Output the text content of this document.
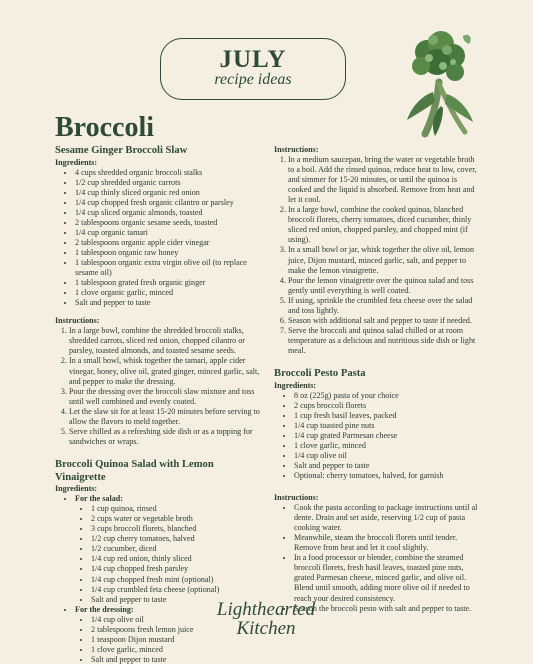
JULY
recipe ideas
Broccoli
Sesame Ginger Broccoli Slaw
Ingredients:
• 4 cups shredded organic broccoli stalks
• 1/2 cup shredded organic carrots
• 1/4 cup thinly sliced organic red onion
• 1/4 cup chopped fresh organic cilantro or parsley
• 1/4 cup sliced organic almonds, toasted
• 2 tablespoons organic sesame seeds, toasted
• 1/4 cup organic tamari
• 2 tablespoons organic apple cider vinegar
• 1 tablespoon organic raw honey
• 1 tablespoon organic extra virgin olive oil (to replace sesame oil)
• 1 tablespoon grated fresh organic ginger
• 1 clove organic garlic, minced
• Salt and pepper to taste
Instructions:
1. In a large bowl, combine the shredded broccoli stalks, shredded carrots, sliced red onion, chopped cilantro or parsley, toasted almonds, and toasted sesame seeds.
2. In a small bowl, whisk together the tamari, apple cider vinegar, honey, olive oil, grated ginger, minced garlic, salt, and pepper to make the dressing.
3. Pour the dressing over the broccoli slaw mixture and toss until well combined and evenly coated.
4. Let the slaw sit for at least 15-20 minutes before serving to allow the flavors to meld together.
5. Serve chilled as a refreshing side dish or as a topping for sandwiches or wraps.
Broccoli Quinoa Salad with Lemon Vinaigrette
Ingredients:
• For the salad:
• 1 cup quinoa, rinsed
• 2 cups water or vegetable broth
• 3 cups broccoli florets, blanched
• 1/2 cup cherry tomatoes, halved
• 1/2 cucumber, diced
• 1/4 cup red onion, thinly sliced
• 1/4 cup chopped fresh parsley
• 1/4 cup chopped fresh mint (optional)
• 1/4 cup crumbled feta cheese (optional)
• Salt and pepper to taste
• For the dressing:
• 1/4 cup olive oil
• 2 tablespoons fresh lemon juice
• 1 teaspoon Dijon mustard
• 1 clove garlic, minced
• Salt and pepper to taste
Instructions:
1. In a medium saucepan, bring the water or vegetable broth to a boil. Add the rinsed quinoa, reduce heat to low, cover, and simmer for 15-20 minutes, or until the quinoa is cooked and the liquid is absorbed. Remove from heat and let it cool.
2. In a large bowl, combine the cooked quinoa, blanched broccoli florets, cherry tomatoes, diced cucumber, thinly sliced red onion, chopped parsley, and chopped mint (if using).
3. In a small bowl or jar, whisk together the olive oil, lemon juice, Dijon mustard, minced garlic, salt, and pepper to make the lemon vinaigrette.
4. Pour the lemon vinaigrette over the quinoa salad and toss gently until everything is well coated.
5. If using, sprinkle the crumbled feta cheese over the salad and toss lightly.
6. Season with additional salt and pepper to taste if needed.
7. Serve the broccoli and quinoa salad chilled or at room temperature as a delicious and nutritious side dish or light meal.
Broccoli Pesto Pasta
Ingredients:
• 8 oz (225g) pasta of your choice
• 2 cups broccoli florets
• 1 cup fresh basil leaves, packed
• 1/4 cup toasted pine nuts
• 1/4 cup grated Parmesan cheese
• 1 clove garlic, minced
• 1/4 cup olive oil
• Salt and pepper to taste
• Optional: cherry tomatoes, halved, for garnish
Instructions:
• Cook the pasta according to package instructions until al dente. Drain and set aside, reserving 1/2 cup of pasta cooking water.
• Meanwhile, steam the broccoli florets until tender. Remove from heat and let it cool slightly.
• In a food processor or blender, combine the steamed broccoli florets, fresh basil leaves, toasted pine nuts, grated Parmesan cheese, minced garlic, and olive oil. Blend until smooth, adding more olive oil if needed to reach your desired consistency.
• Season the broccoli pesto with salt and pepper to taste.
Lighthearted
Kitchen
